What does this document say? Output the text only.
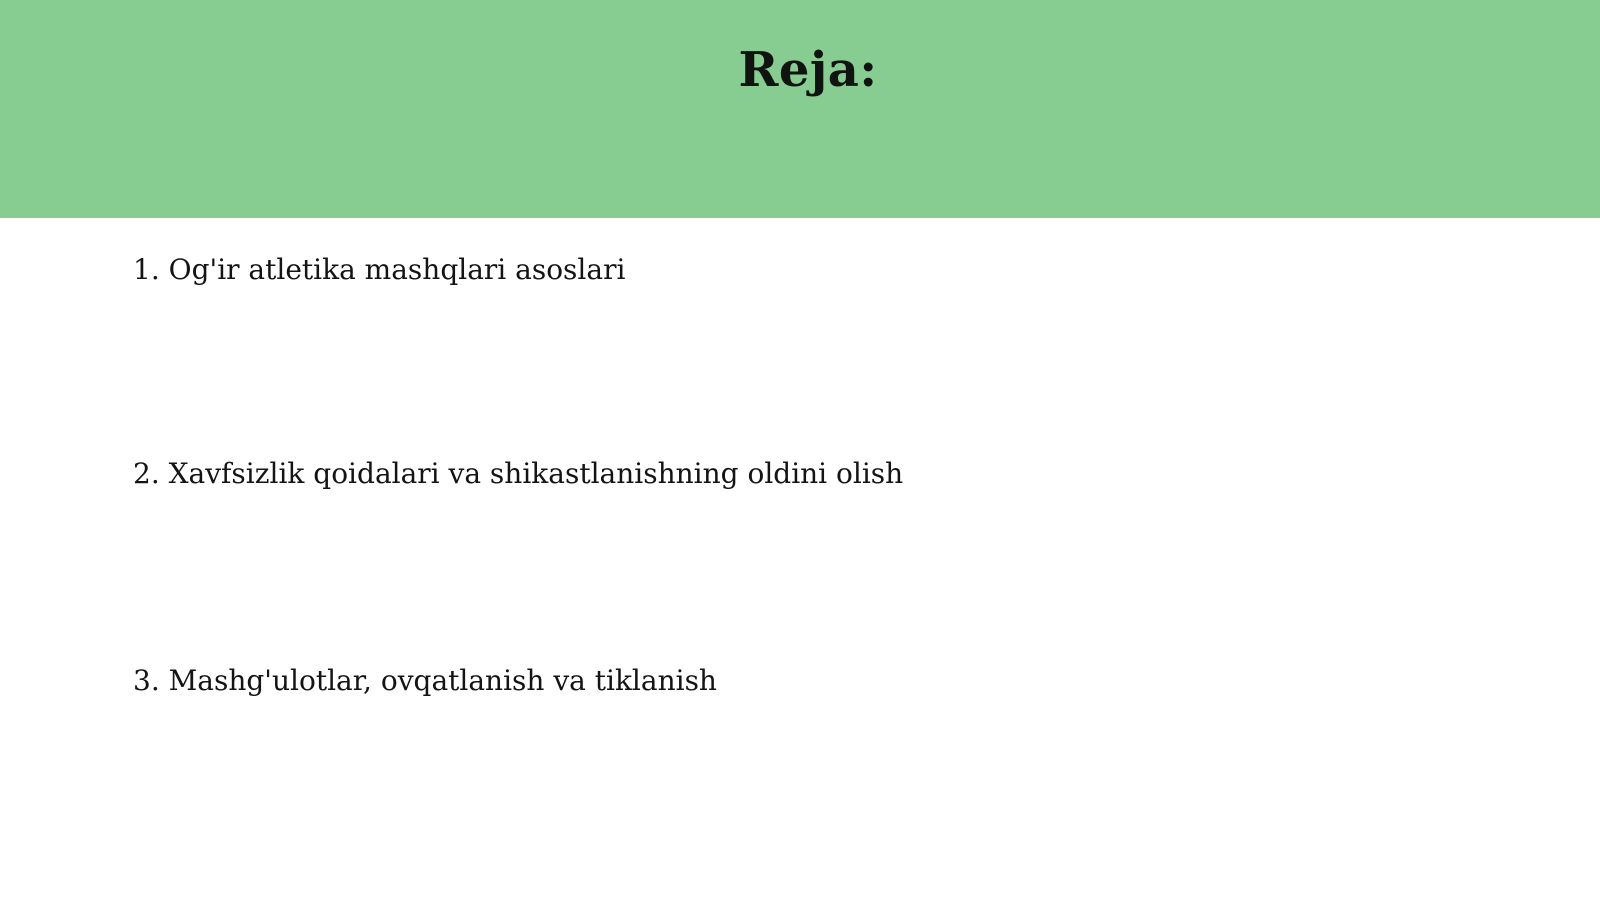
Reja:
1. Og'ir atletika mashqlari asoslari
2. Xavfsizlik qoidalari va shikastlanishning oldini olish
3. Mashg'ulotlar, ovqatlanish va tiklanish
